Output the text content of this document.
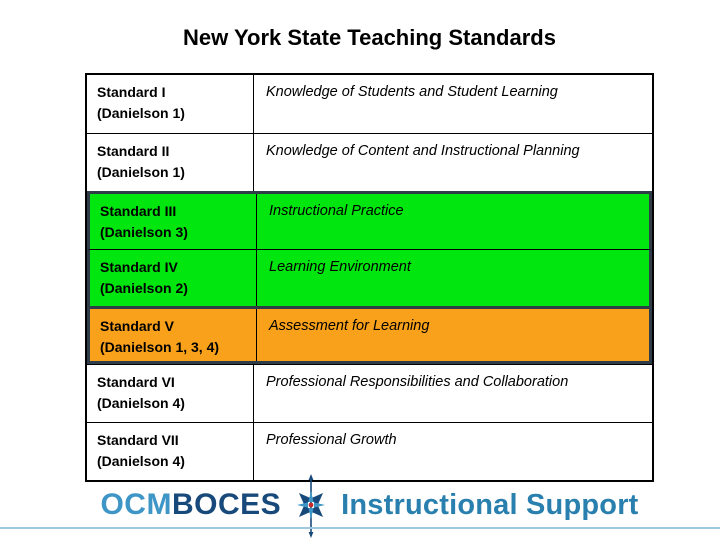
New York State Teaching Standards
Standard I
(Danielson 1)
Knowledge of Students and Student Learning
Standard II
(Danielson 1)
Knowledge of Content and Instructional Planning
Standard III
(Danielson 3)
Instructional Practice
Standard IV
(Danielson 2)
Learning Environment
Standard V
(Danielson 1, 3, 4)
Assessment for Learning
Standard VI
(Danielson 4)
Professional Responsibilities and Collaboration
Standard VII
(Danielson 4)
Professional Growth
OCMBOCES Instructional Support
